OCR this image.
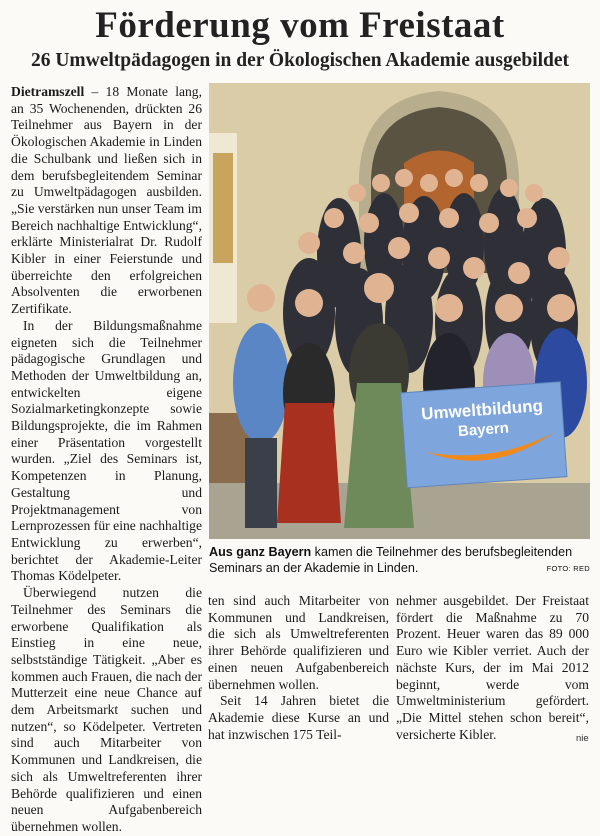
Förderung vom Freistaat
26 Umweltpädagogen in der Ökologischen Akademie ausgebildet

Dietramszell – 18 Monate lang, an 35 Wochenenden, drückten 26 Teilnehmer aus Bayern in der Ökologischen Akademie in Linden die Schulbank und ließen sich in dem berufsbegleitendem Seminar zu Umweltpädagogen ausbilden. „Sie verstärken nun unser Team im Bereich nachhaltige Entwicklung“, erklärte Ministerialrat Dr. Rudolf Kibler in einer Feierstunde und überreichte den erfolgreichen Absolventen die erworbenen Zertifikate.

In der Bildungsmaßnahme eigneten sich die Teilnehmer pädagogische Grundlagen und Methoden der Umweltbildung an, entwickelten eigene Sozialmarketingkonzepte sowie Bildungsprojekte, die im Rahmen einer Präsentation vorgestellt wurden. „Ziel des Seminars ist, Kompetenzen in Planung, Gestaltung und Projektmanagement von Lernprozessen für eine nachhaltige Entwicklung zu erwerben“, berichtet der Akademie-Leiter Thomas Ködelpeter.

Überwiegend nutzen die Teilnehmer des Seminars die erworbene Qualifikation als Einstieg in eine neue, selbstständige Tätigkeit. „Aber es kommen auch Frauen, die nach der Mutterzeit eine neue Chance auf dem Arbeitsmarkt suchen und nutzen“, so Ködelpeter. Vertreten sind auch Mitarbeiter von Kommunen und Landkreisen, die sich als Umweltreferenten ihrer Behörde qualifizieren und einen neuen Aufgabenbereich übernehmen wollen.

ten sind auch Mitarbeiter von Kommunen und Landkreisen, die sich als Umweltreferenten ihrer Behörde qualifizieren und einen neuen Aufgabenbereich übernehmen wollen.

Seit 14 Jahren bietet die Akademie diese Kurse an und hat inzwischen 175 Teil-

nehmer ausgebildet. Der Freistaat fördert die Maßnahme zu 70 Prozent. Heuer waren das 89 000 Euro wie Kibler verriet. Auch der nächste Kurs, der im Mai 2012 beginnt, werde vom Umweltministerium gefördert. „Die Mittel stehen schon bereit“, versicherte Kibler.	nie
Umweltbildung
Bayern
Aus ganz Bayern kamen die Teilnehmer des berufsbegleitenden Seminars an der Akademie in Linden.	FOTO: RED
